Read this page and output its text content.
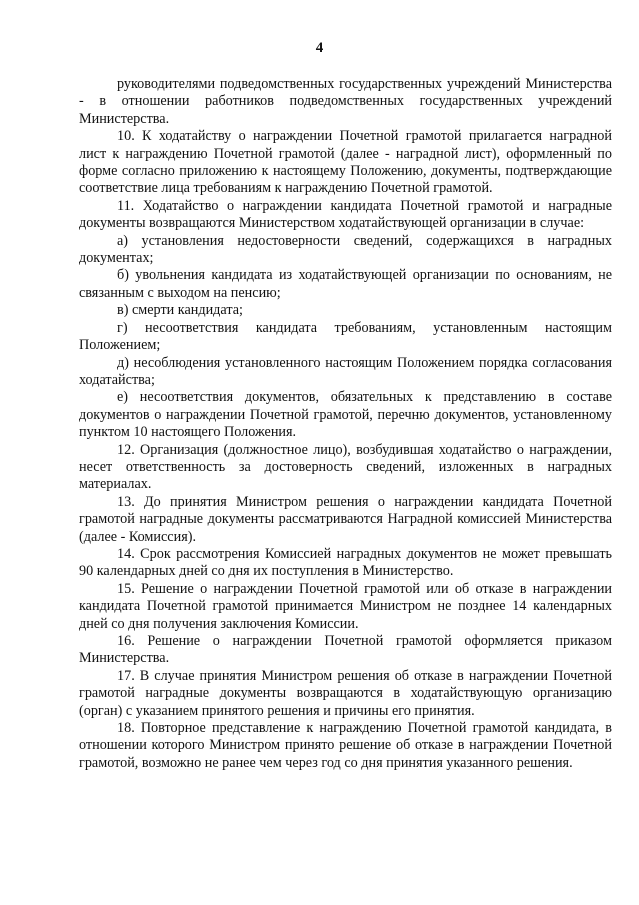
4

руководителями подведомственных государственных учреждений Министерства - в отношении работников подведомственных государственных учреждений Министерства.

10. К ходатайству о награждении Почетной грамотой прилагается наградной лист к награждению Почетной грамотой (далее - наградной лист), оформленный по форме согласно приложению к настоящему Положению, документы, подтверждающие соответствие лица требованиям к награждению Почетной грамотой.

11. Ходатайство о награждении кандидата Почетной грамотой и наградные документы возвращаются Министерством ходатайствующей организации в случае:

а) установления недостоверности сведений, содержащихся в наградных документах;

б) увольнения кандидата из ходатайствующей организации по основаниям, не связанным с выходом на пенсию;

в) смерти кандидата;

г) несоответствия кандидата требованиям, установленным настоящим Положением;

д) несоблюдения установленного настоящим Положением порядка согласования ходатайства;

е) несоответствия документов, обязательных к представлению в составе документов о награждении Почетной грамотой, перечню документов, установленному пунктом 10 настоящего Положения.

12. Организация (должностное лицо), возбудившая ходатайство о награждении, несет ответственность за достоверность сведений, изложенных в наградных материалах.

13. До принятия Министром решения о награждении кандидата Почетной грамотой наградные документы рассматриваются Наградной комиссией Министерства (далее - Комиссия).

14. Срок рассмотрения Комиссией наградных документов не может превышать 90 календарных дней со дня их поступления в Министерство.

15. Решение о награждении Почетной грамотой или об отказе в награждении кандидата Почетной грамотой принимается Министром не позднее 14 календарных дней со дня получения заключения Комиссии.

16. Решение о награждении Почетной грамотой оформляется приказом Министерства.

17. В случае принятия Министром решения об отказе в награждении Почетной грамотой наградные документы возвращаются в ходатайствующую организацию (орган) с указанием принятого решения и причины его принятия.

18. Повторное представление к награждению Почетной грамотой кандидата, в отношении которого Министром принято решение об отказе в награждении Почетной грамотой, возможно не ранее чем через год со дня принятия указанного решения.
